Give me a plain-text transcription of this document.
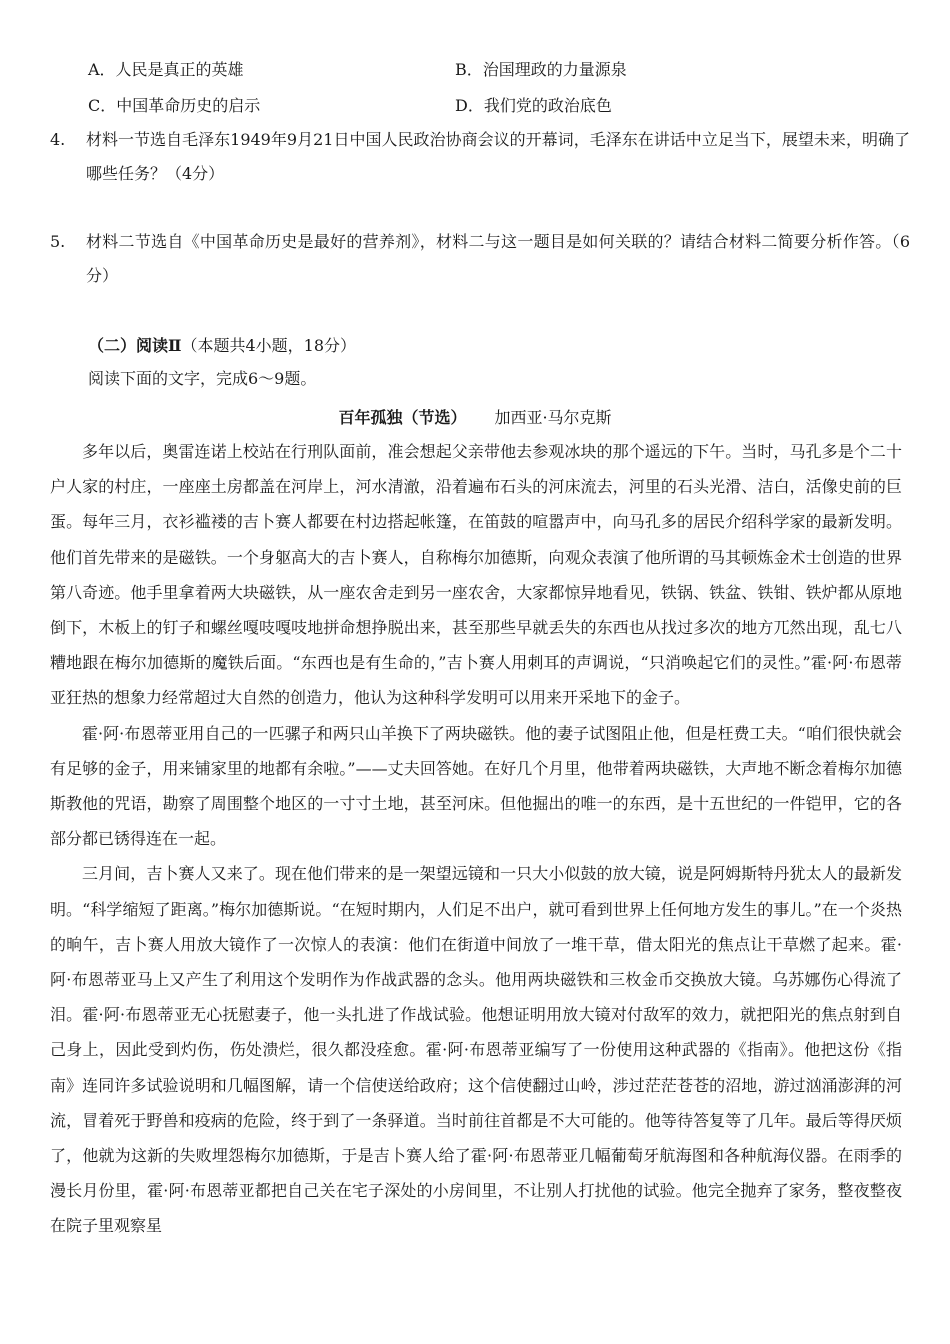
A．人民是真正的英雄	B．治国理政的力量源泉
C．中国革命历史的启示	D．我们党的政治底色
4.	材料一节选自毛泽东1949年9月21日中国人民政治协商会议的开幕词，毛泽东在讲话中立足当下，展望未来，明确了哪些任务？（4分）
5.	材料二节选自《中国革命历史是最好的营养剂》，材料二与这一题目是如何关联的？请结合材料二简要分析作答。（6分）
（二）阅读Ⅱ（本题共4小题，18分）
阅读下面的文字，完成6～9题。
百年孤独（节选） 加西亚·马尔克斯

多年以后，奥雷连诺上校站在行刑队面前，准会想起父亲带他去参观冰块的那个遥远的下午。当时，马孔多是个二十户人家的村庄，一座座土房都盖在河岸上，河水清澈，沿着遍布石头的河床流去，河里的石头光滑、洁白，活像史前的巨蛋。每年三月，衣衫褴褛的吉卜赛人都要在村边搭起帐篷，在笛鼓的喧嚣声中，向马孔多的居民介绍科学家的最新发明。他们首先带来的是磁铁。一个身躯高大的吉卜赛人，自称梅尔加德斯，向观众表演了他所谓的马其顿炼金术士创造的世界第八奇迹。他手里拿着两大块磁铁，从一座农舍走到另一座农舍，大家都惊异地看见，铁锅、铁盆、铁钳、铁炉都从原地倒下，木板上的钉子和螺丝嘎吱嘎吱地拼命想挣脱出来，甚至那些早就丢失的东西也从找过多次的地方兀然出现，乱七八糟地跟在梅尔加德斯的魔铁后面。“东西也是有生命的，”吉卜赛人用刺耳的声调说，“只消唤起它们的灵性。”霍·阿·布恩蒂亚狂热的想象力经常超过大自然的创造力，他认为这种科学发明可以用来开采地下的金子。

霍·阿·布恩蒂亚用自己的一匹骡子和两只山羊换下了两块磁铁。他的妻子试图阻止他，但是枉费工夫。“咱们很快就会有足够的金子，用来铺家里的地都有余啦。”——丈夫回答她。在好几个月里，他带着两块磁铁，大声地不断念着梅尔加德斯教他的咒语，勘察了周围整个地区的一寸寸土地，甚至河床。但他掘出的唯一的东西，是十五世纪的一件铠甲，它的各部分都已锈得连在一起。

三月间，吉卜赛人又来了。现在他们带来的是一架望远镜和一只大小似鼓的放大镜，说是阿姆斯特丹犹太人的最新发明。“科学缩短了距离。”梅尔加德斯说。“在短时期内，人们足不出户，就可看到世界上任何地方发生的事儿。”在一个炎热的晌午，吉卜赛人用放大镜作了一次惊人的表演：他们在街道中间放了一堆干草，借太阳光的焦点让干草燃了起来。霍·阿·布恩蒂亚马上又产生了利用这个发明作为作战武器的念头。他用两块磁铁和三枚金币交换放大镜。乌苏娜伤心得流了泪。霍·阿·布恩蒂亚无心抚慰妻子，他一头扎进了作战试验。他想证明用放大镜对付敌军的效力，就把阳光的焦点射到自己身上，因此受到灼伤，伤处溃烂，很久都没痊愈。霍·阿·布恩蒂亚编写了一份使用这种武器的《指南》。他把这份《指南》连同许多试验说明和几幅图解，请一个信使送给政府；这个信使翻过山岭，涉过茫茫苍苍的沼地，游过汹涌澎湃的河流，冒着死于野兽和疫病的危险，终于到了一条驿道。当时前往首都是不大可能的。他等待答复等了几年。最后等得厌烦了，他就为这新的失败埋怨梅尔加德斯，于是吉卜赛人给了霍·阿·布恩蒂亚几幅葡萄牙航海图和各种航海仪器。在雨季的漫长月份里，霍·阿·布恩蒂亚都把自己关在宅子深处的小房间里，不让别人打扰他的试验。他完全抛弃了家务，整夜整夜在院子里观察星
